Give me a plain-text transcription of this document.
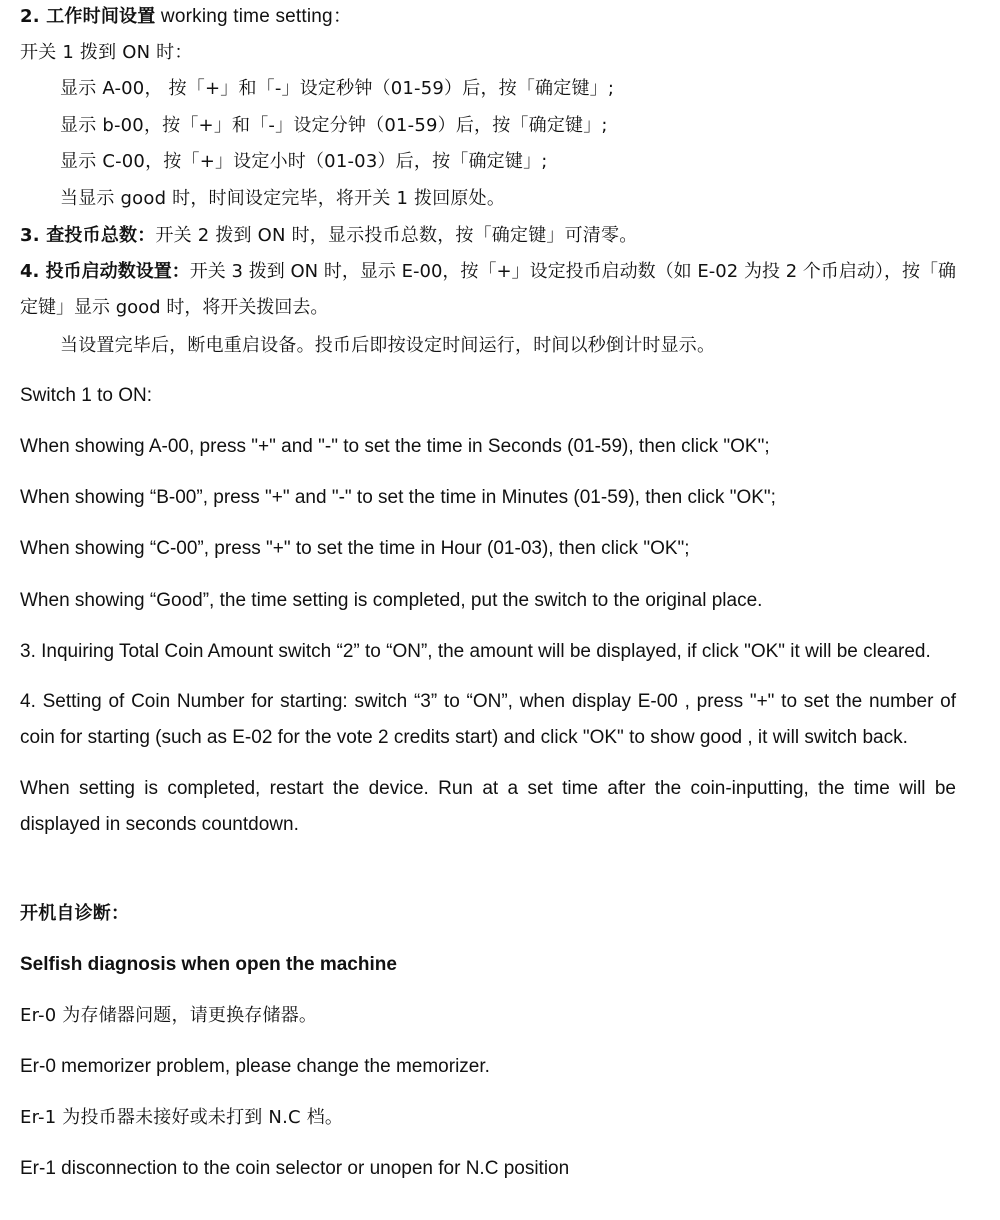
2. 工作时间设置 working time setting：
开关 1 拨到 ON 时：
显示 A-00， 按「+」和「-」设定秒钟（01-59）后，按「确定键」;
显示 b-00，按「+」和「-」设定分钟（01-59）后，按「确定键」;
显示 C-00，按「+」设定小时（01-03）后，按「确定键」;
当显示 good 时，时间设定完毕，将开关 1 拨回原处。
3. 查投币总数：开关 2 拨到 ON 时，显示投币总数，按「确定键」可清零。
4. 投币启动数设置：开关 3 拨到 ON 时，显示 E-00，按「+」设定投币启动数（如 E-02 为投 2 个币启动），按「确定键」显示 good 时，将开关拨回去。
当设置完毕后，断电重启设备。投币后即按设定时间运行，时间以秒倒计时显示。
Switch 1 to ON:
When showing A-00, press "+" and "-" to set the time in Seconds (01-59), then click "OK";
When showing “B-00”, press "+" and "-" to set the time in Minutes (01-59), then click "OK";
When showing “C-00”, press "+" to set the time in Hour (01-03), then click "OK";
When showing “Good”, the time setting is completed, put the switch to the original place.
3. Inquiring Total Coin Amount switch “2” to “ON”, the amount will be displayed, if click "OK" it will be cleared.
4. Setting of Coin Number for starting: switch “3” to “ON”, when display E-00 , press "+" to set the number of coin for starting (such as E-02 for the vote 2 credits start) and click "OK" to show good , it will switch back.
When setting is completed, restart the device. Run at a set time after the coin-inputting, the time will be displayed in seconds countdown.
开机自诊断：
Selfish diagnosis when open the machine
Er-0 为存储器问题，请更换存储器。
Er-0 memorizer problem, please change the memorizer.
Er-1 为投币器未接好或未打到 N.C 档。
Er-1 disconnection to the coin selector or unopen for N.C position
